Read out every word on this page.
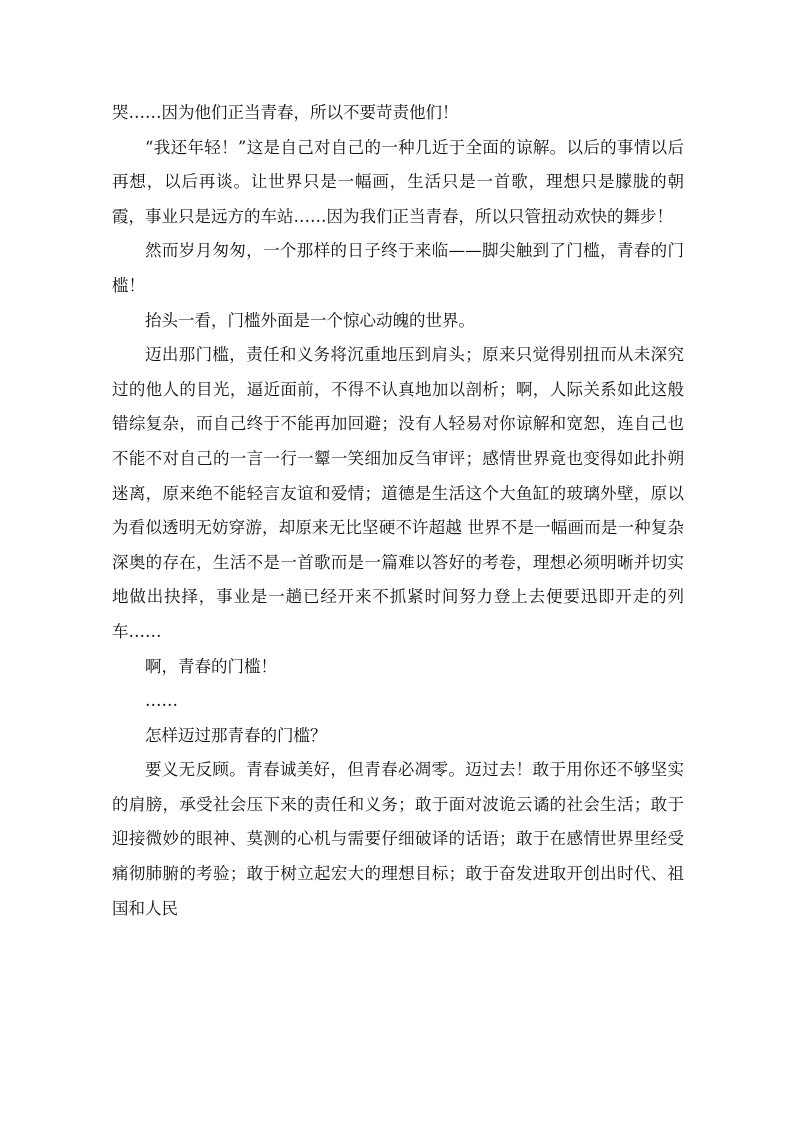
哭……因为他们正当青春，所以不要苛责他们！

“我还年轻！”这是自己对自己的一种几近于全面的谅解。以后的事情以后再想，以后再谈。让世界只是一幅画，生活只是一首歌，理想只是朦胧的朝霞，事业只是远方的车站……因为我们正当青春，所以只管扭动欢快的舞步！

然而岁月匆匆，一个那样的日子终于来临——脚尖触到了门槛，青春的门槛！

抬头一看，门槛外面是一个惊心动魄的世界。

迈出那门槛，责任和义务将沉重地压到肩头；原来只觉得别扭而从未深究过的他人的目光，逼近面前，不得不认真地加以剖析；啊，人际关系如此这般错综复杂，而自己终于不能再加回避；没有人轻易对你谅解和宽恕，连自己也不能不对自己的一言一行一颦一笑细加反刍审评；感情世界竟也变得如此扑朔迷离，原来绝不能轻言友谊和爱情；道德是生活这个大鱼缸的玻璃外壁，原以为看似透明无妨穿游，却原来无比坚硬不许超越 世界不是一幅画而是一种复杂深奥的存在，生活不是一首歌而是一篇难以答好的考卷，理想必须明晰并切实地做出抉择，事业是一趟已经开来不抓紧时间努力登上去便要迅即开走的列车……

啊，青春的门槛！

……

怎样迈过那青春的门槛？

要义无反顾。青春诚美好，但青春必凋零。迈过去！敢于用你还不够坚实的肩膀，承受社会压下来的责任和义务；敢于面对波诡云谲的社会生活；敢于迎接微妙的眼神、莫测的心机与需要仔细破译的话语；敢于在感情世界里经受痛彻肺腑的考验；敢于树立起宏大的理想目标；敢于奋发进取开创出时代、祖国和人民
